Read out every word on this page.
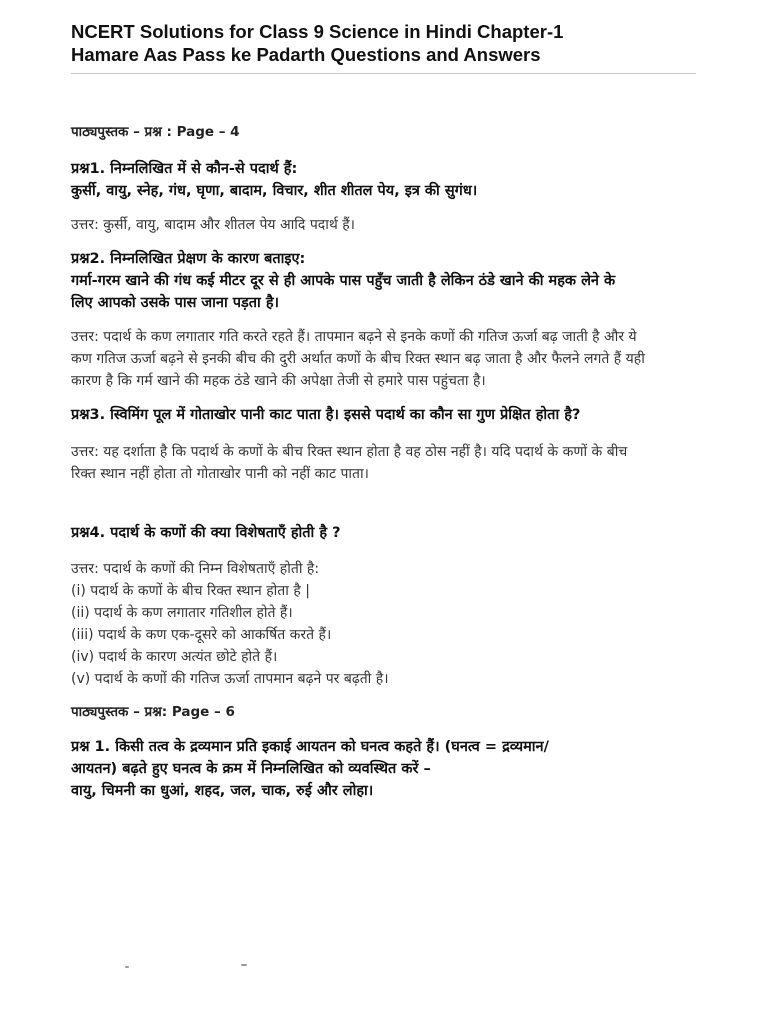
NCERT Solutions for Class 9 Science in Hindi Chapter-1
Hamare Aas Pass ke Padarth Questions and Answers
पाठ्यपुस्तक – प्रश्न : Page – 4
प्रश्न1. निम्नलिखित में से कौन-से पदार्थ हैं:
कुर्सी, वायु, स्नेह, गंध, घृणा, बादाम, विचार, शीत शीतल पेय, इत्र की सुगंध।
उत्तर: कुर्सी, वायु, बादाम और शीतल पेय आदि पदार्थ हैं।
प्रश्न2. निम्नलिखित प्रेक्षण के कारण बताइए:
गर्मा-गरम खाने की गंध कई मीटर दूर से ही आपके पास पहुँच जाती है लेकिन ठंडे खाने की महक लेने के
लिए आपको उसके पास जाना पड़ता है।
उत्तर: पदार्थ के कण लगातार गति करते रहते हैं। तापमान बढ़ने से इनके कणों की गतिज ऊर्जा बढ़ जाती है और ये
कण गतिज ऊर्जा बढ़ने से इनकी बीच की दुरी अर्थात कणों के बीच रिक्त स्थान बढ़ जाता है और फैलने लगते हैं यही
कारण है कि गर्म खाने की महक ठंडे खाने की अपेक्षा तेजी से हमारे पास पहुंचता है।
प्रश्न3. स्विमिंग पूल में गोताखोर पानी काट पाता है। इससे पदार्थ का कौन सा गुण प्रेक्षित होता है?
उत्तर: यह दर्शाता है कि पदार्थ के कणों के बीच रिक्त स्थान होता है वह ठोस नहीं है। यदि पदार्थ के कणों के बीच
रिक्त स्थान नहीं होता तो गोताखोर पानी को नहीं काट पाता।
प्रश्न4. पदार्थ के कणों की क्या विशेषताएँ होती है ?
उत्तर: पदार्थ के कणों की निम्न विशेषताएँ होती है:
(i) पदार्थ के कणों के बीच रिक्त स्थान होता है |
(ii) पदार्थ के कण लगातार गतिशील होते हैं।
(iii) पदार्थ के कण एक-दूसरे को आकर्षित करते हैं।
(iv) पदार्थ के कारण अत्यंत छोटे होते हैं।
(v) पदार्थ के कणों की गतिज ऊर्जा तापमान बढ़ने पर बढ़ती है।
पाठ्यपुस्तक – प्रश्न: Page – 6
प्रश्न 1. किसी तत्व के द्रव्यमान प्रति इकाई आयतन को घनत्व कहते हैं। (घनत्व = द्रव्यमान/
आयतन) बढ़ते हुए घनत्व के क्रम में निम्नलिखित को व्यवस्थित करें –
वायु, चिमनी का धुआं, शहद, जल, चाक, रुई और लोहा।
